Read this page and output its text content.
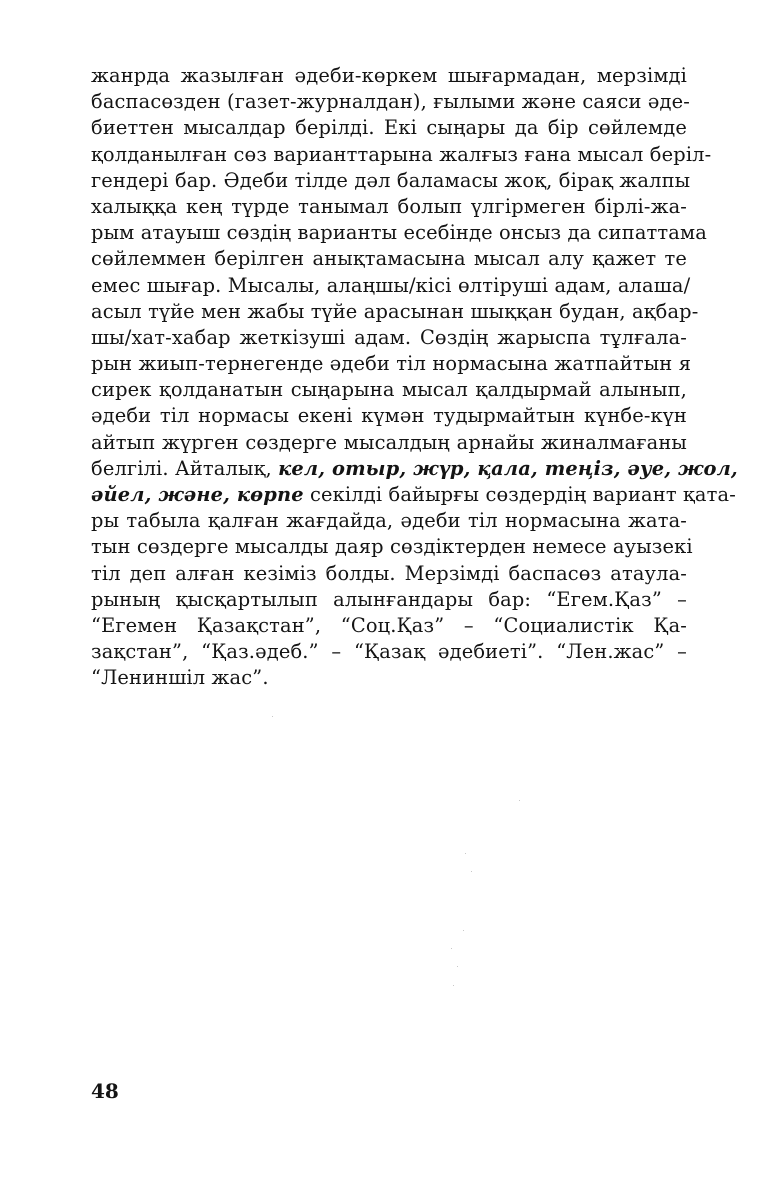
жанрда жазылған әдеби-көркем шығармадан, мерзімді
баспасөзден (газет-журналдан), ғылыми және саяси әде-
биеттен мысалдар берілді. Екі сыңары да бір сөйлемде
қолданылған сөз варианттарына жалғыз ғана мысал беріл-
гендері бар. Әдеби тілде дәл баламасы жоқ, бірақ жалпы
халыққа кең түрде танымал болып үлгірмеген бірлі-жа-
рым атауыш сөздің варианты есебінде онсыз да сипаттама
сөйлеммен берілген анықтамасына мысал алу қажет те
емес шығар. Мысалы, алаңшы/кісі өлтіруші адам, алаша/
асыл түйе мен жабы түйе арасынан шыққан будан, ақбар-
шы/хат-хабар жеткізуші адам. Сөздің жарыспа тұлғала-
рын жиып-тернегенде әдеби тіл нормасына жатпайтын я
сирек қолданатын сыңарына мысал қалдырмай алынып,
әдеби тіл нормасы екені күмән тудырмайтын күнбе-күн
айтып жүрген сөздерге мысалдың арнайы жиналмағаны
белгілі. Айталық, кел, отыр, жүр, қала, теңіз, әуе, жол,
әйел, және, көрпе секілді байырғы сөздердің вариант қата-
ры табыла қалған жағдайда, әдеби тіл нормасына жата-
тын сөздерге мысалды даяр сөздіктерден немесе ауызекі
тіл деп алған кезіміз болды. Мерзімді баспасөз атаула-
рының қысқартылып алынғандары бар: “Егем.Қаз” –
“Егемен Қазақстан”, “Соц.Қаз” – “Социалистік Қа-
зақстан”, “Қаз.әдеб.” – “Қазақ әдебиеті”. “Лен.жас” –
“Лениншіл жас”.
48
